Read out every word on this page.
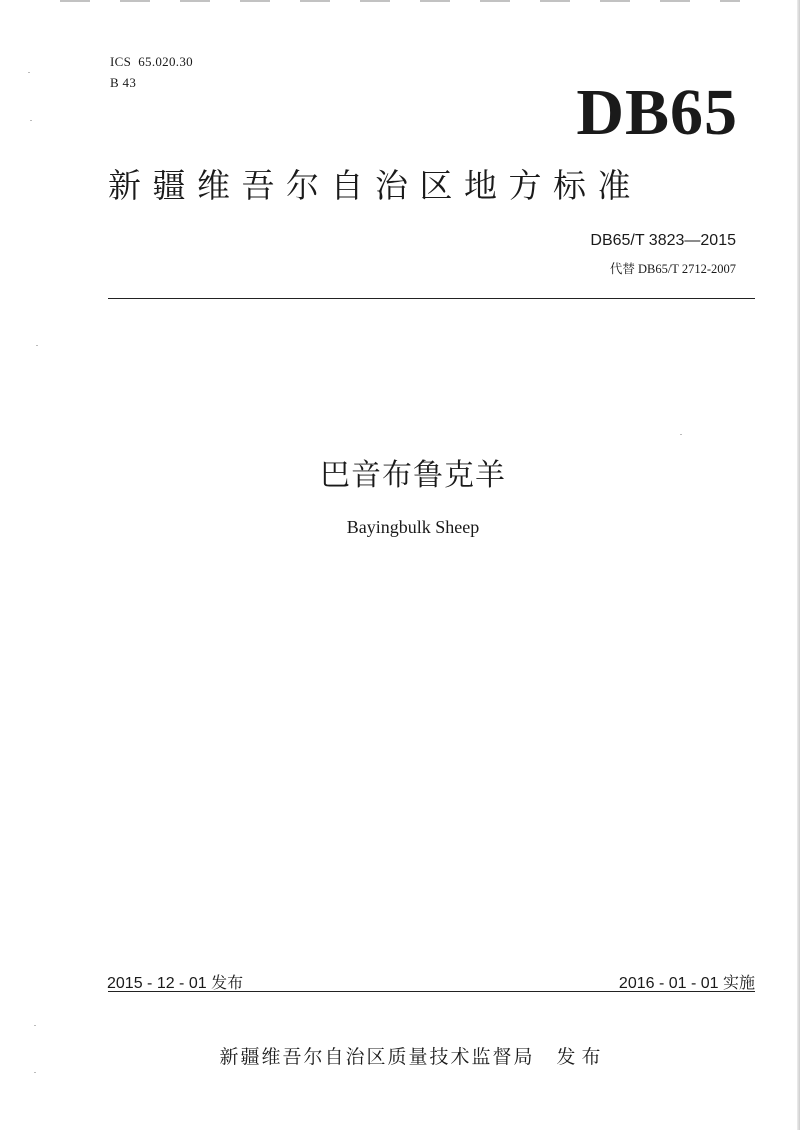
ICS  65.020.30
B 43	DB65
新疆维吾尔自治区地方标准
DB65/T 3823—2015
代替 DB65/T 2712-2007
巴音布鲁克羊
Bayingbulk Sheep
2015 - 12 - 01 发布	2016 - 01 - 01 实施
新疆维吾尔自治区质量技术监督局 发布
